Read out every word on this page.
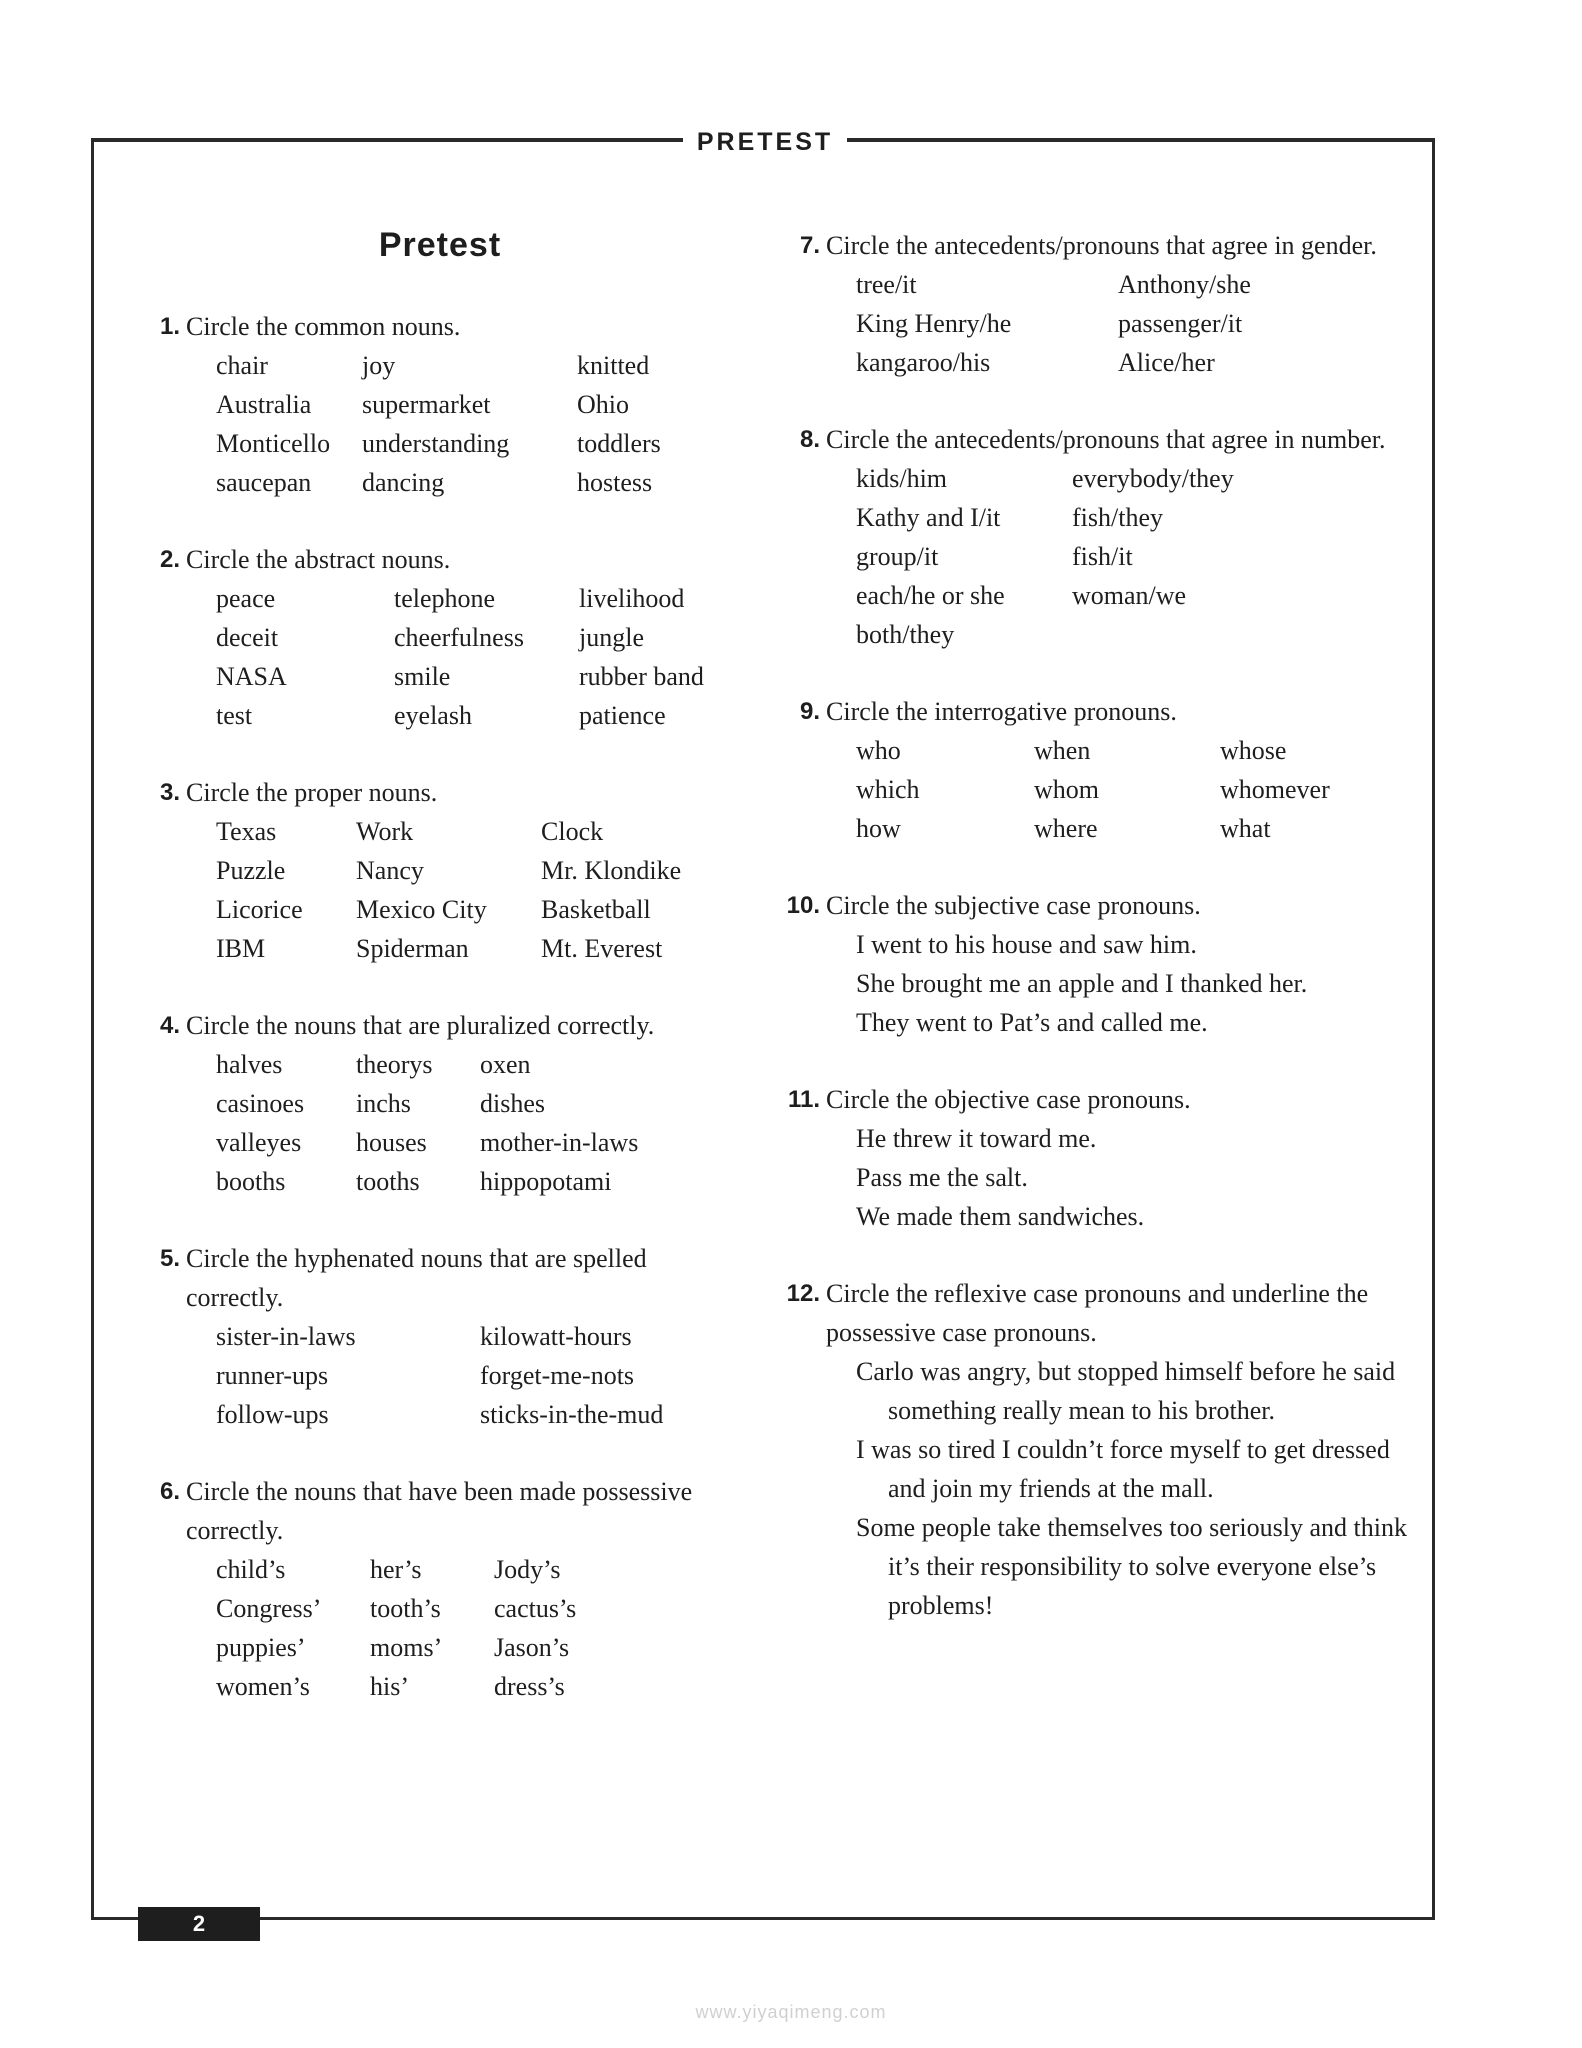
PRETEST
Pretest
1. Circle the common nouns.
chair	joy	knitted
Australia	supermarket	Ohio
Monticello	understanding	toddlers
saucepan	dancing	hostess
2. Circle the abstract nouns.
peace	telephone	livelihood
deceit	cheerfulness	jungle
NASA	smile	rubber band
test	eyelash	patience
3. Circle the proper nouns.
Texas	Work	Clock
Puzzle	Nancy	Mr. Klondike
Licorice	Mexico City	Basketball
IBM	Spiderman	Mt. Everest
4. Circle the nouns that are pluralized correctly.
halves	theorys	oxen
casinoes	inchs	dishes
valleyes	houses	mother-in-laws
booths	tooths	hippopotami
5. Circle the hyphenated nouns that are spelled correctly.
sister-in-laws	kilowatt-hours
runner-ups	forget-me-nots
follow-ups	sticks-in-the-mud
6. Circle the nouns that have been made possessive correctly.
child’s	her’s	Jody’s
Congress’	tooth’s	cactus’s
puppies’	moms’	Jason’s
women’s	his’	dress’s
7. Circle the antecedents/pronouns that agree in gender.
tree/it	Anthony/she
King Henry/he	passenger/it
kangaroo/his	Alice/her
8. Circle the antecedents/pronouns that agree in number.
kids/him	everybody/they
Kathy and I/it	fish/they
group/it	fish/it
each/he or she	woman/we
both/they
9. Circle the interrogative pronouns.
who	when	whose
which	whom	whomever
how	where	what
10. Circle the subjective case pronouns.
I went to his house and saw him.
She brought me an apple and I thanked her.
They went to Pat’s and called me.
11. Circle the objective case pronouns.
He threw it toward me.
Pass me the salt.
We made them sandwiches.
12. Circle the reflexive case pronouns and underline the possessive case pronouns.
Carlo was angry, but stopped himself before he said something really mean to his brother.
I was so tired I couldn’t force myself to get dressed and join my friends at the mall.
Some people take themselves too seriously and think it’s their responsibility to solve everyone else’s problems!
2
www.yiyaqimeng.com
